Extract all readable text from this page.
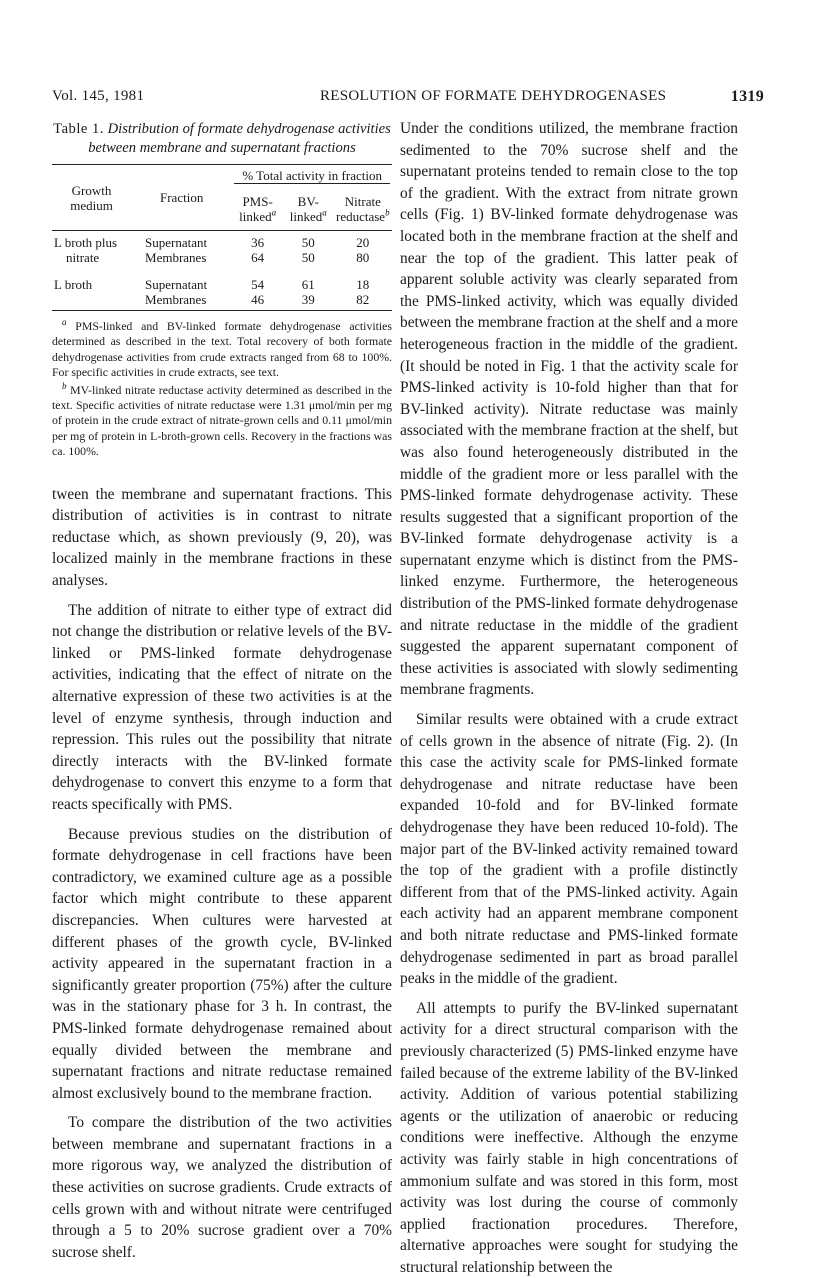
Vol. 145, 1981	RESOLUTION OF FORMATE DEHYDROGENASES	1319
Table 1. Distribution of formate dehydrogenase activities between membrane and supernatant fractions
Growth medium	Fraction	% Total activity in fraction		

		PMS-linked$^a$	BV-linked$^a$	Nitrate reductase$^b$
L broth plus	Supernatant	36	50	20
nitrate	Membranes	64	50	80
L broth	Supernatant	54	61	18
	Membranes	46	39	82

$^a$ PMS-linked and BV-linked formate dehydrogenase activities determined as described in the text. Total recovery of both formate dehydrogenase activities from crude extracts ranged from 68 to 100%. For specific activities in crude extracts, see text.

$^b$ MV-linked nitrate reductase activity determined as described in the text. Specific activities of nitrate reductase were 1.31 μmol/min per mg of protein in the crude extract of nitrate-grown cells and 0.11 μmol/min per mg of protein in L-broth-grown cells. Recovery in the fractions was ca. 100%.

tween the membrane and supernatant fractions. This distribution of activities is in contrast to nitrate reductase which, as shown previously (9, 20), was localized mainly in the membrane fractions in these analyses.

The addition of nitrate to either type of extract did not change the distribution or relative levels of the BV-linked or PMS-linked formate dehydrogenase activities, indicating that the effect of nitrate on the alternative expression of these two activities is at the level of enzyme synthesis, through induction and repression. This rules out the possibility that nitrate directly interacts with the BV-linked formate dehydrogenase to convert this enzyme to a form that reacts specifically with PMS.

Because previous studies on the distribution of formate dehydrogenase in cell fractions have been contradictory, we examined culture age as a possible factor which might contribute to these apparent discrepancies. When cultures were harvested at different phases of the growth cycle, BV-linked activity appeared in the supernatant fraction in a significantly greater proportion (75%) after the culture was in the stationary phase for 3 h. In contrast, the PMS-linked formate dehydrogenase remained about equally divided between the membrane and supernatant fractions and nitrate reductase remained almost exclusively bound to the membrane fraction.

To compare the distribution of the two activities between membrane and supernatant fractions in a more rigorous way, we analyzed the distribution of these activities on sucrose gradients. Crude extracts of cells grown with and without nitrate were centrifuged through a 5 to 20% sucrose gradient over a 70% sucrose shelf.

Under the conditions utilized, the membrane fraction sedimented to the 70% sucrose shelf and the supernatant proteins tended to remain close to the top of the gradient. With the extract from nitrate grown cells (Fig. 1) BV-linked formate dehydrogenase was located both in the membrane fraction at the shelf and near the top of the gradient. This latter peak of apparent soluble activity was clearly separated from the PMS-linked activity, which was equally divided between the membrane fraction at the shelf and a more heterogeneous fraction in the middle of the gradient. (It should be noted in Fig. 1 that the activity scale for PMS-linked activity is 10-fold higher than that for BV-linked activity). Nitrate reductase was mainly associated with the membrane fraction at the shelf, but was also found heterogeneously distributed in the middle of the gradient more or less parallel with the PMS-linked formate dehydrogenase activity. These results suggested that a significant proportion of the BV-linked formate dehydrogenase activity is a supernatant enzyme which is distinct from the PMS-linked enzyme. Furthermore, the heterogeneous distribution of the PMS-linked formate dehydrogenase and nitrate reductase in the middle of the gradient suggested the apparent supernatant component of these activities is associated with slowly sedimenting membrane fragments.

Similar results were obtained with a crude extract of cells grown in the absence of nitrate (Fig. 2). (In this case the activity scale for PMS-linked formate dehydrogenase and nitrate reductase have been expanded 10-fold and for BV-linked formate dehydrogenase they have been reduced 10-fold). The major part of the BV-linked activity remained toward the top of the gradient with a profile distinctly different from that of the PMS-linked activity. Again each activity had an apparent membrane component and both nitrate reductase and PMS-linked formate dehydrogenase sedimented in part as broad parallel peaks in the middle of the gradient.

All attempts to purify the BV-linked supernatant activity for a direct structural comparison with the previously characterized (5) PMS-linked enzyme have failed because of the extreme lability of the BV-linked activity. Addition of various potential stabilizing agents or the utilization of anaerobic or reducing conditions were ineffective. Although the enzyme activity was fairly stable in high concentrations of ammonium sulfate and was stored in this form, most activity was lost during the course of commonly applied fractionation procedures. Therefore, alternative approaches were sought for studying the structural relationship between the
